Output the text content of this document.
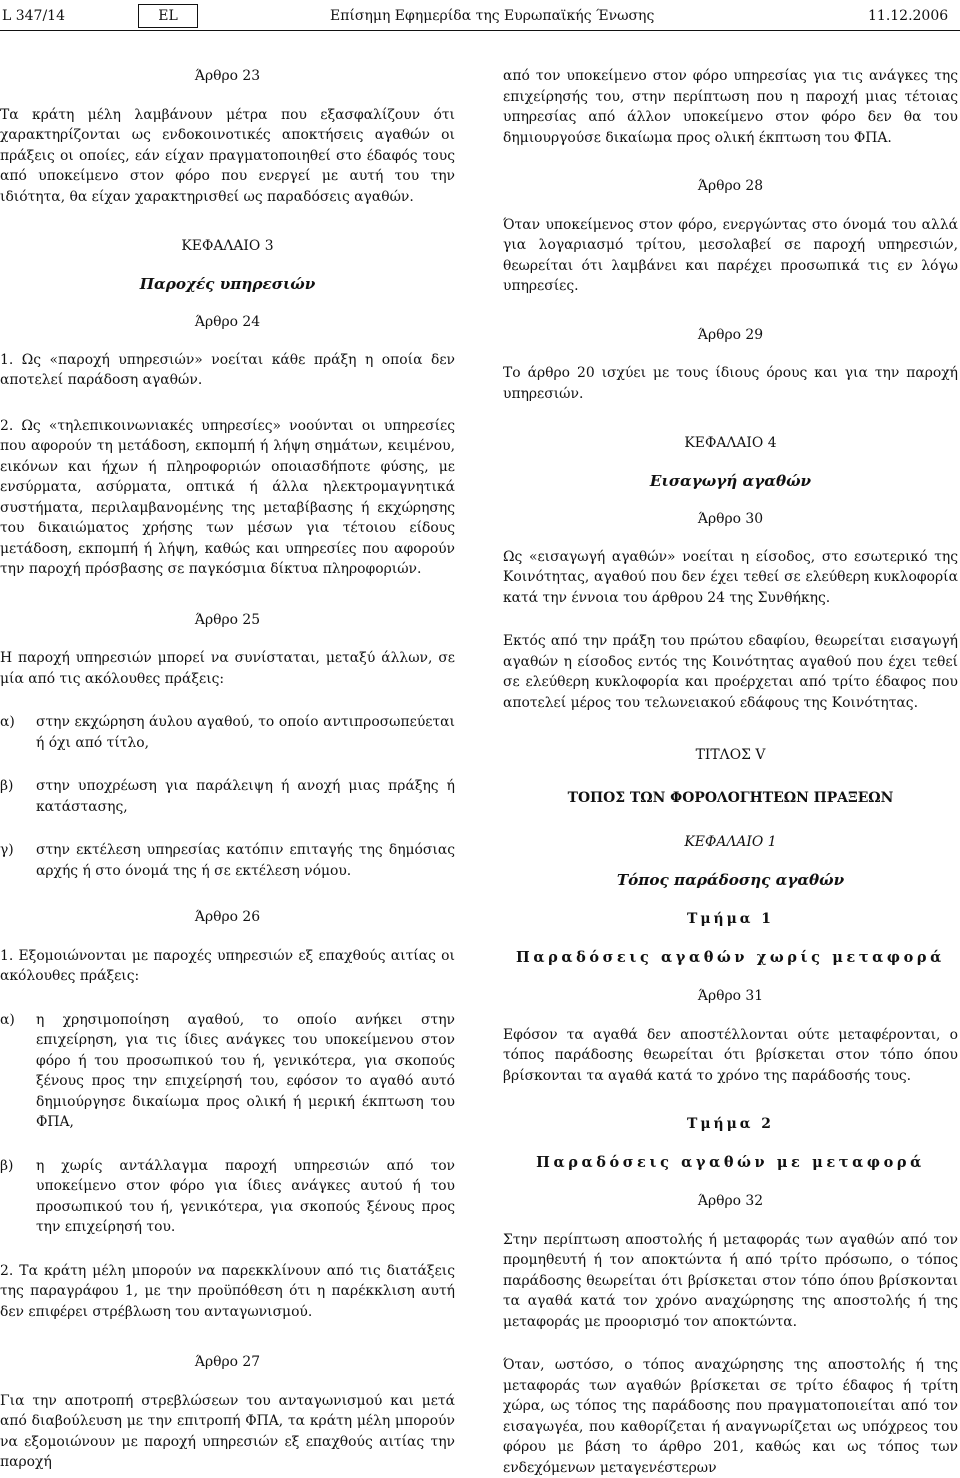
L 347/14	EL	Επίσημη Εφημερίδα της Ευρωπαϊκής Ένωσης	11.12.2006

Άρθρο 23

Τα κράτη μέλη λαμβάνουν μέτρα που εξασφαλίζουν ότι χαρακτηρίζονται ως ενδοκοινοτικές αποκτήσεις αγαθών οι πράξεις οι οποίες, εάν είχαν πραγματοποιηθεί στο έδαφός τους από υποκείμενο στον φόρο που ενεργεί με αυτή του την ιδιότητα, θα είχαν χαρακτηρισθεί ως παραδόσεις αγαθών.

ΚΕΦΑΛΑΙΟ 3

Παροχές υπηρεσιών

Άρθρο 24

1. Ως «παροχή υπηρεσιών» νοείται κάθε πράξη η οποία δεν αποτελεί παράδοση αγαθών.

2. Ως «τηλεπικοινωνιακές υπηρεσίες» νοούνται οι υπηρεσίες που αφορούν τη μετάδοση, εκπομπή ή λήψη σημάτων, κειμένου, εικόνων και ήχων ή πληροφοριών οποιασδήποτε φύσης, με ενσύρματα, ασύρματα, οπτικά ή άλλα ηλεκτρομαγνητικά συστήματα, περιλαμβανομένης της μεταβίβασης ή εκχώρησης του δικαιώματος χρήσης των μέσων για τέτοιου είδους μετάδοση, εκπομπή ή λήψη, καθώς και υπηρεσίες που αφορούν την παροχή πρόσβασης σε παγκόσμια δίκτυα πληροφοριών.

Άρθρο 25

Η παροχή υπηρεσιών μπορεί να συνίσταται, μεταξύ άλλων, σε μία από τις ακόλουθες πράξεις:

α)	στην εκχώρηση άυλου αγαθού, το οποίο αντιπροσωπεύεται ή όχι από τίτλο,
β)	στην υποχρέωση για παράλειψη ή ανοχή μιας πράξης ή κατάστασης,
γ)	στην εκτέλεση υπηρεσίας κατόπιν επιταγής της δημόσιας αρχής ή στο όνομά της ή σε εκτέλεση νόμου.

Άρθρο 26

1. Εξομοιώνονται με παροχές υπηρεσιών εξ επαχθούς αιτίας οι ακόλουθες πράξεις:

α)	η χρησιμοποίηση αγαθού, το οποίο ανήκει στην επιχείρηση, για τις ίδιες ανάγκες του υποκείμενου στον φόρο ή του προσωπικού του ή, γενικότερα, για σκοπούς ξένους προς την επιχείρησή του, εφόσον το αγαθό αυτό δημιούργησε δικαίωμα προς ολική ή μερική έκπτωση του ΦΠΑ,
β)	η χωρίς αντάλλαγμα παροχή υπηρεσιών από τον υποκείμενο στον φόρο για ίδιες ανάγκες αυτού ή του προσωπικού του ή, γενικότερα, για σκοπούς ξένους προς την επιχείρησή του.

2. Τα κράτη μέλη μπορούν να παρεκκλίνουν από τις διατάξεις της παραγράφου 1, με την προϋπόθεση ότι η παρέκκλιση αυτή δεν επιφέρει στρέβλωση του ανταγωνισμού.

Άρθρο 27

Για την αποτροπή στρεβλώσεων του ανταγωνισμού και μετά από διαβούλευση με την επιτροπή ΦΠΑ, τα κράτη μέλη μπορούν να εξομοιώνουν με παροχή υπηρεσιών εξ επαχθούς αιτίας την παροχή

από τον υποκείμενο στον φόρο υπηρεσίας για τις ανάγκες της επιχείρησής του, στην περίπτωση που η παροχή μιας τέτοιας υπηρεσίας από άλλον υποκείμενο στον φόρο δεν θα του δημιουργούσε δικαίωμα προς ολική έκπτωση του ΦΠΑ.

Άρθρο 28

Όταν υποκείμενος στον φόρο, ενεργώντας στο όνομά του αλλά για λογαριασμό τρίτου, μεσολαβεί σε παροχή υπηρεσιών, θεωρείται ότι λαμβάνει και παρέχει προσωπικά τις εν λόγω υπηρεσίες.

Άρθρο 29

Το άρθρο 20 ισχύει με τους ίδιους όρους και για την παροχή υπηρεσιών.

ΚΕΦΑΛΑΙΟ 4

Εισαγωγή αγαθών

Άρθρο 30

Ως «εισαγωγή αγαθών» νοείται η είσοδος, στο εσωτερικό της Κοινότητας, αγαθού που δεν έχει τεθεί σε ελεύθερη κυκλοφορία κατά την έννοια του άρθρου 24 της Συνθήκης.

Εκτός από την πράξη του πρώτου εδαφίου, θεωρείται εισαγωγή αγαθών η είσοδος εντός της Κοινότητας αγαθού που έχει τεθεί σε ελεύθερη κυκλοφορία και προέρχεται από τρίτο έδαφος που αποτελεί μέρος του τελωνειακού εδάφους της Κοινότητας.

ΤΙΤΛΟΣ V

ΤΟΠΟΣ ΤΩΝ ΦΟΡΟΛΟΓΗΤΕΩΝ ΠΡΑΞΕΩΝ

ΚΕΦΑΛΑΙΟ 1

Τόπος παράδοσης αγαθών

Τμήμα 1

Παραδόσεις αγαθών χωρίς μεταφορά

Άρθρο 31

Εφόσον τα αγαθά δεν αποστέλλονται ούτε μεταφέρονται, ο τόπος παράδοσης θεωρείται ότι βρίσκεται στον τόπο όπου βρίσκονται τα αγαθά κατά το χρόνο της παράδοσής τους.

Τμήμα 2

Παραδόσεις αγαθών με μεταφορά

Άρθρο 32

Στην περίπτωση αποστολής ή μεταφοράς των αγαθών από τον προμηθευτή ή τον αποκτώντα ή από τρίτο πρόσωπο, ο τόπος παράδοσης θεωρείται ότι βρίσκεται στον τόπο όπου βρίσκονται τα αγαθά κατά τον χρόνο αναχώρησης της αποστολής ή της μεταφοράς με προορισμό τον αποκτώντα.

Όταν, ωστόσο, ο τόπος αναχώρησης της αποστολής ή της μεταφοράς των αγαθών βρίσκεται σε τρίτο έδαφος ή τρίτη χώρα, ως τόπος της παράδοσης που πραγματοποιείται από τον εισαγωγέα, που καθορίζεται ή αναγνωρίζεται ως υπόχρεος του φόρου με βάση το άρθρο 201, καθώς και ως τόπος των ενδεχόμενων μεταγενέστερων
